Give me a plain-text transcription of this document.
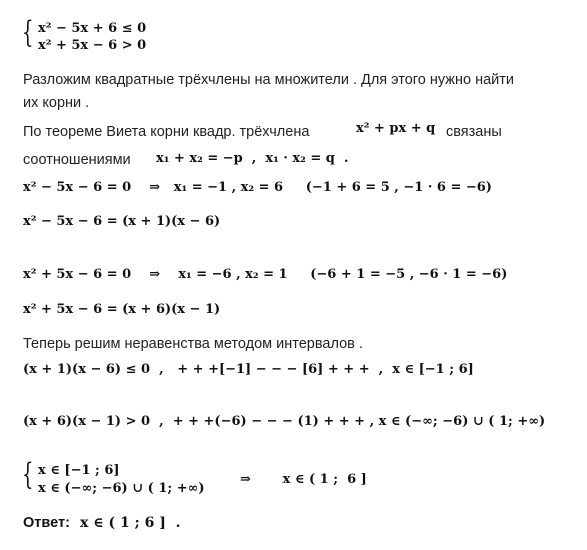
{ x² − 5x + 6 ≤ 0
x² + 5x − 6 > 0
Разложим квадратные трёхчлены на множители . Для этого нужно найти
их корни .
По теореме Виета корни квадр. трёхчлена	x² + px + q связаны
соотношениями x₁ + x₂ = −p  ,  x₁ · x₂ = q  .
x² − 5x − 6 = 0    ⇒   x₁ = −1 , x₂ = 6     (−1 + 6 = 5 , −1 · 6 = −6)
x² − 5x − 6 = (x + 1)(x − 6)
x² + 5x − 6 = 0    ⇒    x₁ = −6 , x₂ = 1     (−6 + 1 = −5 , −6 · 1 = −6)
x² + 5x − 6 = (x + 6)(x − 1)
Теперь решим неравенства методом интервалов .
(x + 1)(x − 6) ≤ 0  ,   + + +[−1] − − − [6] + + +  ,  x ∈ [−1 ; 6]
(x + 6)(x − 1) > 0  ,  + + +(−6) − − − (1) + + + , x ∈ (−∞; −6) ∪ ( 1; +∞)
{ x ∈ [−1 ; 6]
x ∈ (−∞; −6) ∪ ( 1; +∞)
⇒       x ∈ ( 1 ;  6 ]
Ответ: x ∈ ( 1 ; 6 ]  .
